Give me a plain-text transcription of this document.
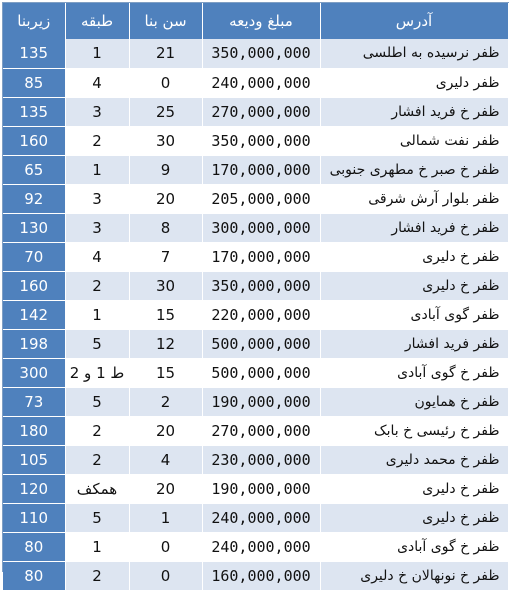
زیربنا	طبقه	سن بنا	مبلغ ودیعه	آدرس
135	1	21	350,000,000	ظفر نرسیده به اطلسی
85	4	0	240,000,000	ظفر دلیری
135	3	25	270,000,000	ظفر خ فرید افشار
160	2	30	350,000,000	ظفر نفت شمالی
65	1	9	170,000,000	ظفر خ صبر خ مطهری جنوبی
92	3	20	205,000,000	ظفر بلوار آرش شرقی
130	3	8	300,000,000	ظفر خ فرید افشار
70	4	7	170,000,000	ظفر خ دلیری
160	2	30	350,000,000	ظفر خ دلیری
142	1	15	220,000,000	ظفر گوی آبادی
198	5	12	500,000,000	ظفر فرید افشار
300	ط 1 و 2	15	500,000,000	ظفر خ گوی آبادی
73	5	2	190,000,000	ظفر خ همایون
180	2	20	270,000,000	ظفر خ رئیسی خ بابک
105	2	4	230,000,000	ظفر خ محمد دلیری
120	همکف	20	190,000,000	ظفر خ دلیری
110	5	1	240,000,000	ظفر خ دلیری
80	1	0	240,000,000	ظفر خ گوی آبادی
80	2	0	160,000,000	ظفر خ نونهالان خ دلیری
